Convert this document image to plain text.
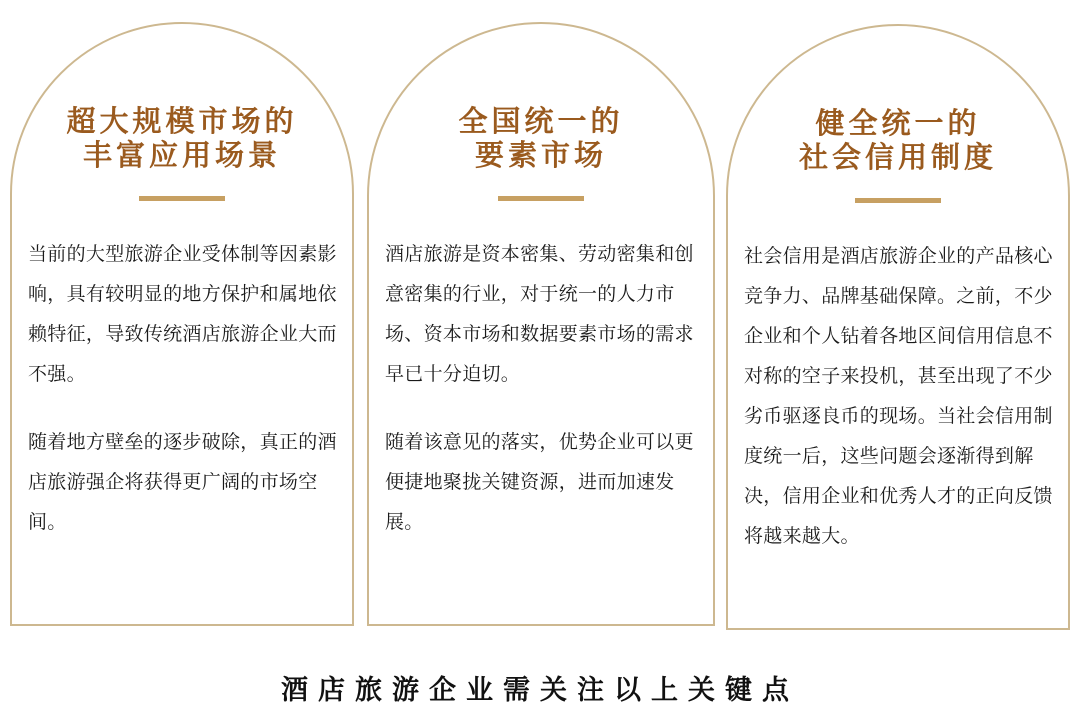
超大规模市场的
丰富应用场景

当前的大型旅游企业受体制等因素影响，具有较明显的地方保护和属地依赖特征，导致传统酒店旅游企业大而不强。

随着地方壁垒的逐步破除，真正的酒店旅游强企将获得更广阔的市场空间。

全国统一的
要素市场

酒店旅游是资本密集、劳动密集和创意密集的行业，对于统一的人力市场、资本市场和数据要素市场的需求早已十分迫切。

随着该意见的落实，优势企业可以更便捷地聚拢关键资源，进而加速发展。

健全统一的
社会信用制度

社会信用是酒店旅游企业的产品核心竞争力、品牌基础保障。之前，不少企业和个人钻着各地区间信用信息不对称的空子来投机，甚至出现了不少劣币驱逐良币的现场。当社会信用制度统一后，这些问题会逐渐得到解决，信用企业和优秀人才的正向反馈将越来越大。

酒店旅游企业需关注以上关键点
